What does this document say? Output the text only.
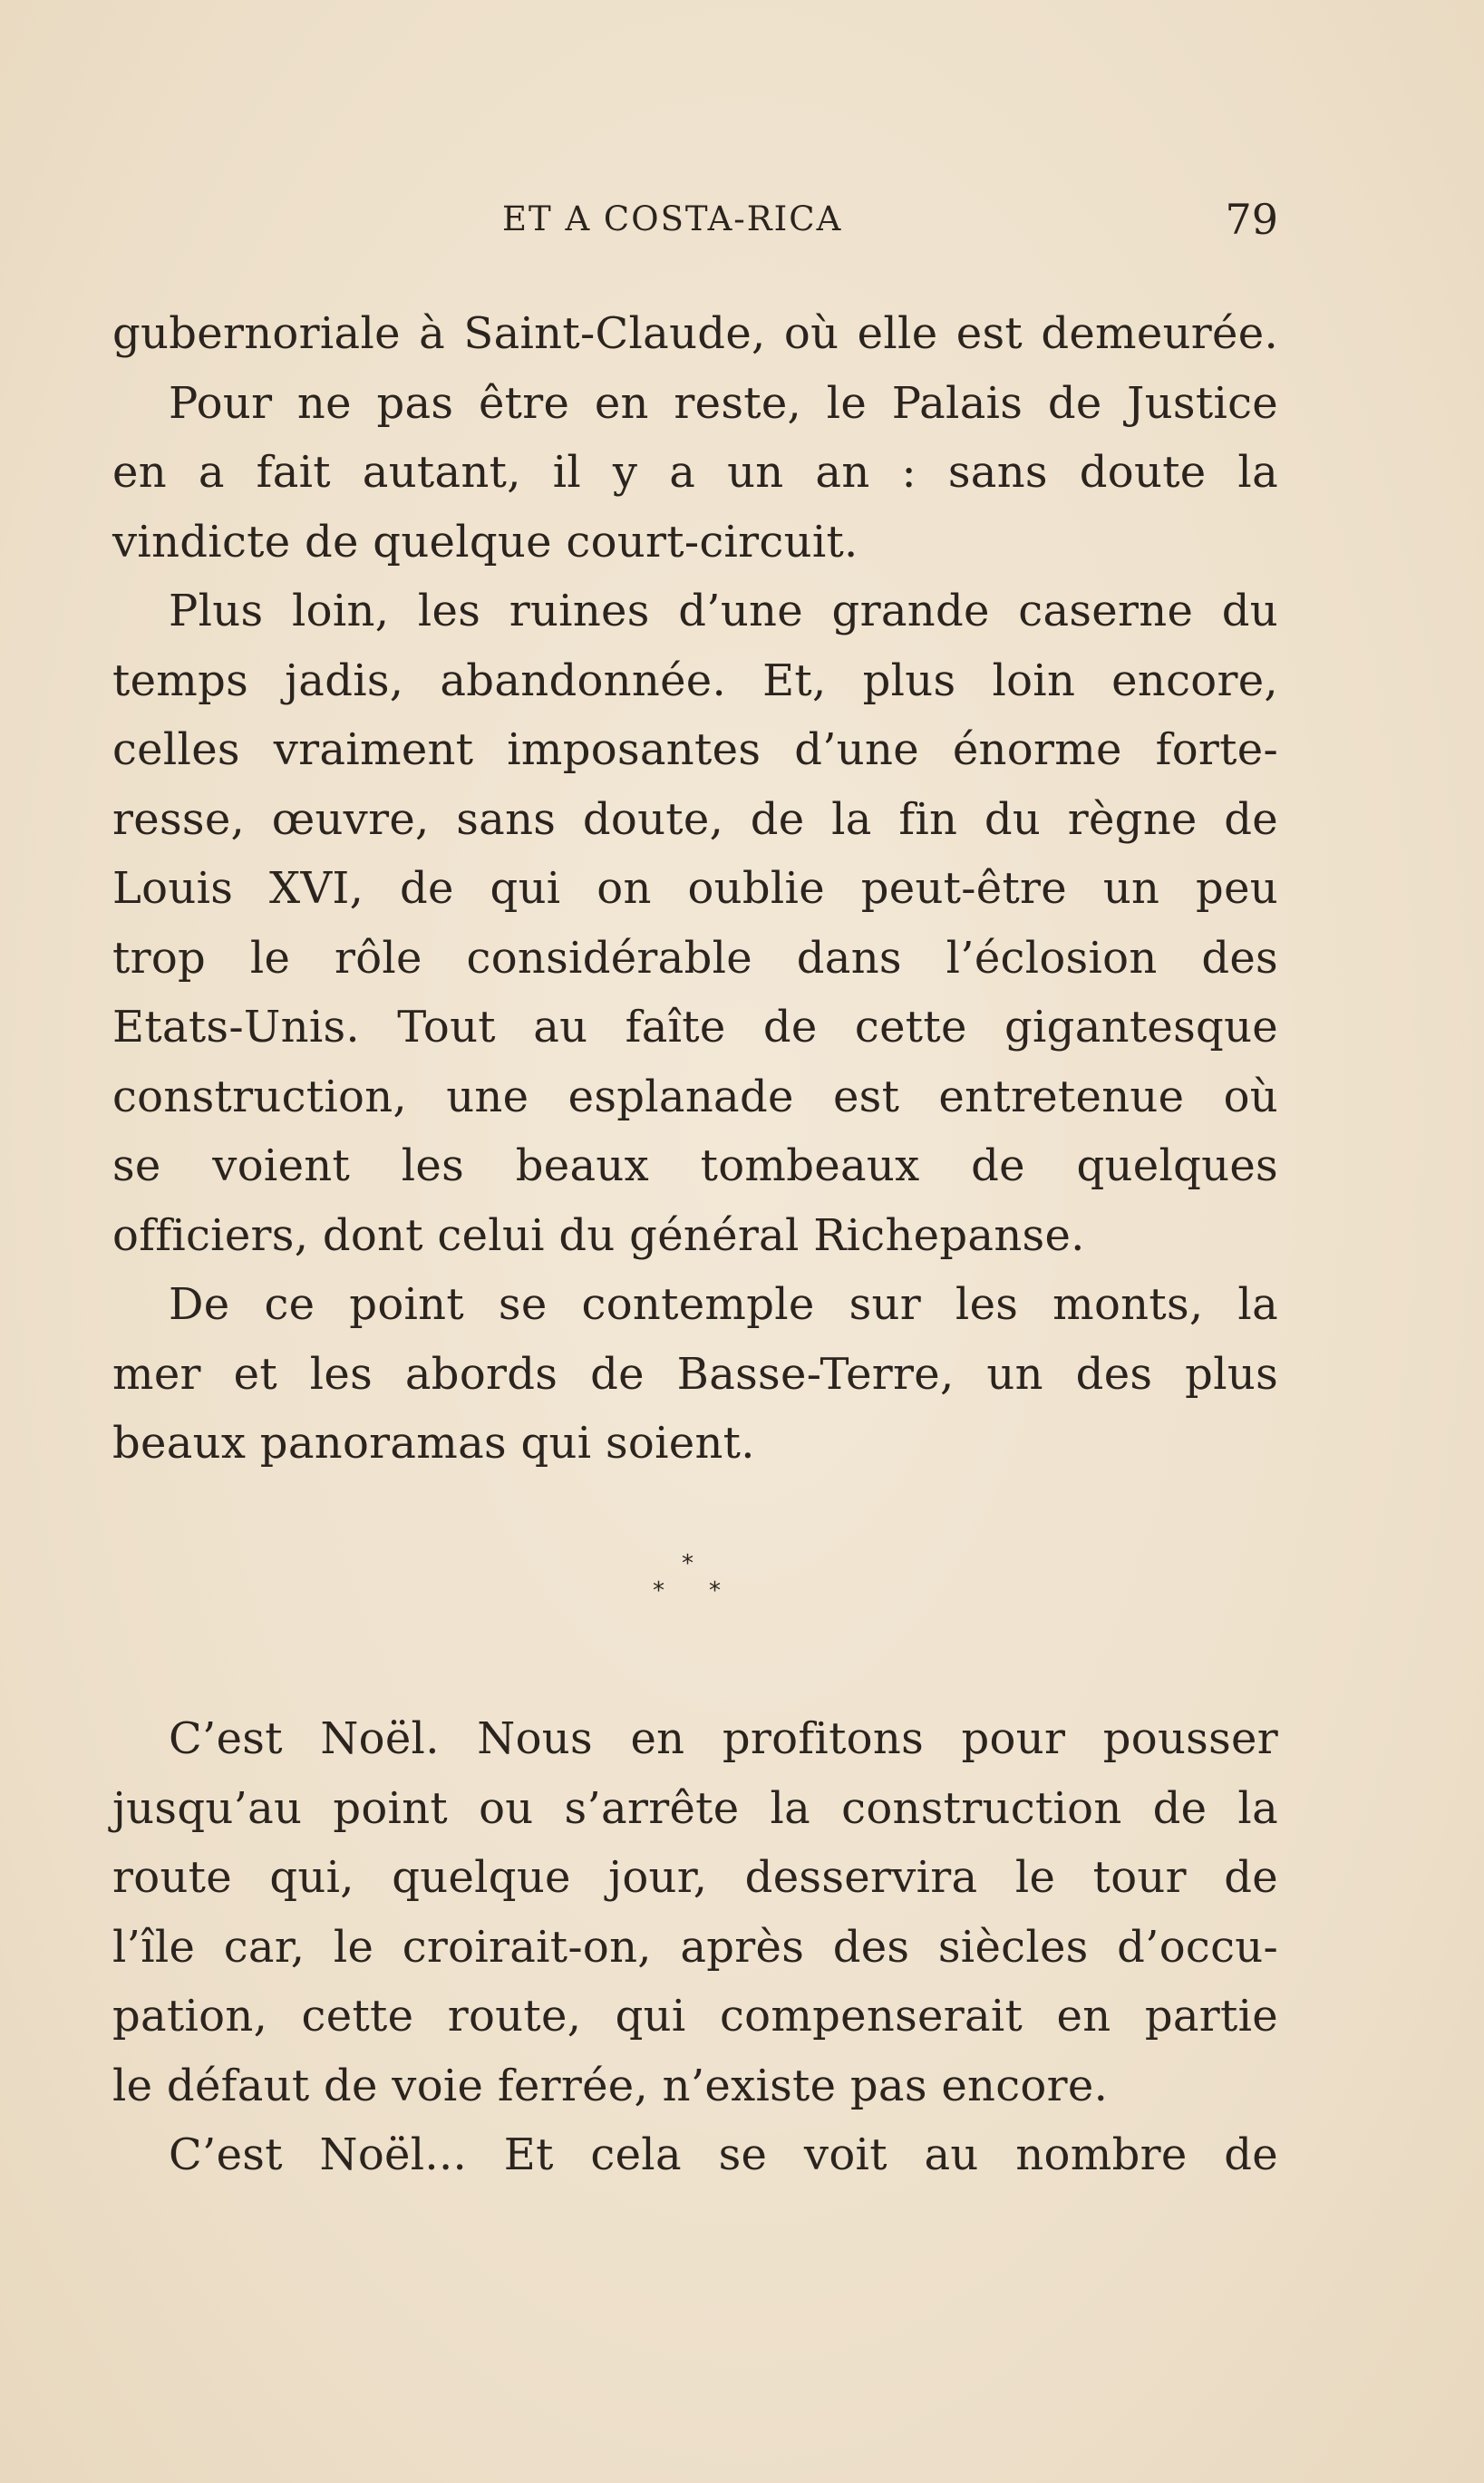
ET A COSTA-RICA	79
gubernoriale à Saint-Claude, où elle est demeurée.
Pour ne pas être en reste, le Palais de Justice
en a fait autant, il y a un an : sans doute la
vindicte de quelque court-circuit.
Plus loin, les ruines d’une grande caserne du
temps jadis, abandonnée. Et, plus loin encore,
celles vraiment imposantes d’une énorme forte-
resse, œuvre, sans doute, de la fin du règne de
Louis XVI, de qui on oublie peut-être un peu
trop le rôle considérable dans l’éclosion des
Etats-Unis. Tout au faîte de cette gigantesque
construction, une esplanade est entretenue où
se voient les beaux tombeaux de quelques
officiers, dont celui du général Richepanse.
De ce point se contemple sur les monts, la
mer et les abords de Basse-Terre, un des plus
beaux panoramas qui soient.
*
* *
C’est Noël. Nous en profitons pour pousser
jusqu’au point ou s’arrête la construction de la
route qui, quelque jour, desservira le tour de
l’île car, le croirait-on, après des siècles d’occu-
pation, cette route, qui compenserait en partie
le défaut de voie ferrée, n’existe pas encore.
C’est Noël... Et cela se voit au nombre de
